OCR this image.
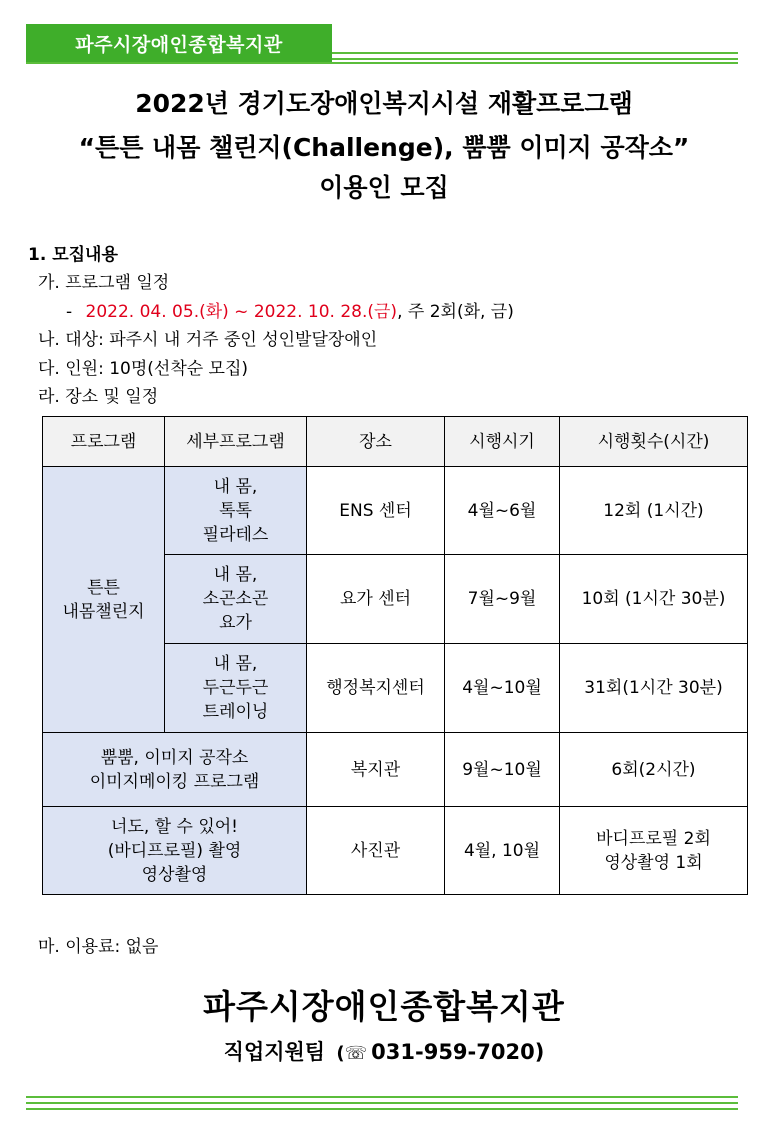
파주시장애인종합복지관
2022년 경기도장애인복지시설 재활프로그램
“튼튼 내몸 챌린지(Challenge), 뿜뿜 이미지 공작소”
이용인 모집
1. 모집내용
가. 프로그램 일정
- 2022. 04. 05.(화) ~ 2022. 10. 28.(금), 주 2회(화, 금)
나. 대상: 파주시 내 거주 중인 성인발달장애인
다. 인원: 10명(선착순 모집)
라. 장소 및 일정
프로그램	세부프로그램	장소	시행시기	시행횟수(시간)
튼튼
내몸챌린지	내 몸,
톡톡
필라테스	ENS 센터	4월~6월	12회 (1시간)
	내 몸,
소곤소곤
요가	요가 센터	7월~9월	10회 (1시간 30분)
	내 몸,
두근두근
트레이닝	행정복지센터	4월~10월	31회(1시간 30분)
뿜뿜, 이미지 공작소
이미지메이킹 프로그램		복지관	9월~10월	6회(2시간)
너도, 할 수 있어!
(바디프로필) 촬영
영상촬영		사진관	4월, 10월	바디프로필 2회
영상촬영 1회
마. 이용료: 없음
파주시장애인종합복지관
직업지원팀 (☏ 031-959-7020)
